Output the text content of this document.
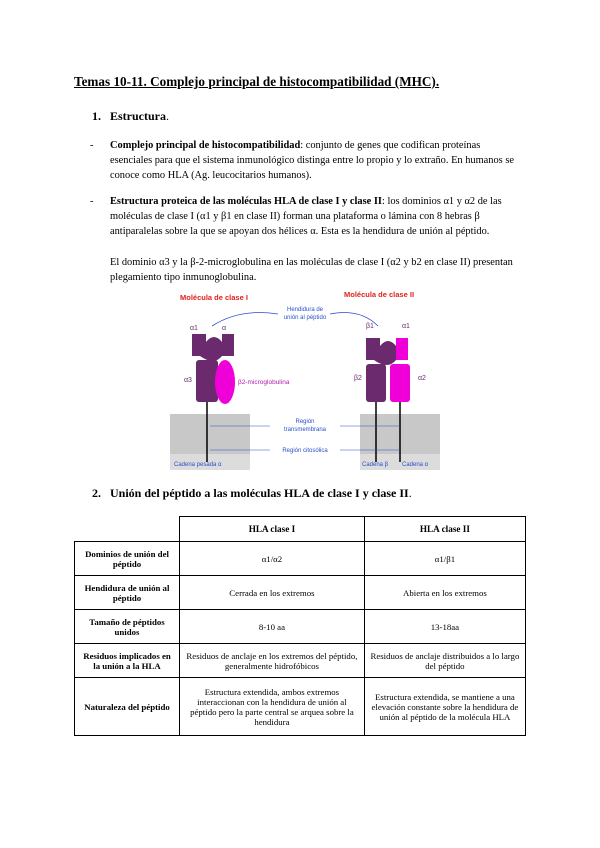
Temas 10-11. Complejo principal de histocompatibilidad (MHC).
1. Estructura.
- Complejo principal de histocompatibilidad: conjunto de genes que codifican proteínas esenciales para que el sistema inmunológico distinga entre lo propio y lo extraño. En humanos se conoce como HLA (Ag. leucocitarios humanos).
- Estructura proteica de las moléculas HLA de clase I y clase II: los dominios α1 y α2 de las moléculas de clase I (α1 y β1 en clase II) forman una plataforma o lámina con 8 hebras β antiparalelas sobre la que se apoyan dos hélices α. Esta es la hendidura de unión al péptido.
El dominio α3 y la β-2-microglobulina en las moléculas de clase I (α2 y b2 en clase II) presentan plegamiento tipo inmunoglobulina.
Molécula de clase I	Molécula de clase II
Hendidura de
unión al péptido
α1	α
α3	β2-microglobulina
β1	α1
β2	α2
Región
transmembrana
Región citosólica
Cadena pesada α	Cadena β Cadena α
2. Unión del péptido a las moléculas HLA de clase I y clase II.
	HLA clase I	HLA clase II
Dominios de unión del péptido	α1/α2	α1/β1
Hendidura de unión al péptido	Cerrada en los extremos	Abierta en los extremos
Tamaño de péptidos unidos	8-10 aa	13-18aa
Residuos implicados en la unión a la HLA	Residuos de anclaje en los extremos del péptido, generalmente hidrofóbicos	Residuos de anclaje distribuidos a lo largo del péptido
Naturaleza del péptido	Estructura extendida, ambos extremos interaccionan con la hendidura de unión al péptido pero la parte central se arquea sobre la hendidura	Estructura extendida, se mantiene a una elevación constante sobre la hendidura de unión al péptido de la molécula HLA
